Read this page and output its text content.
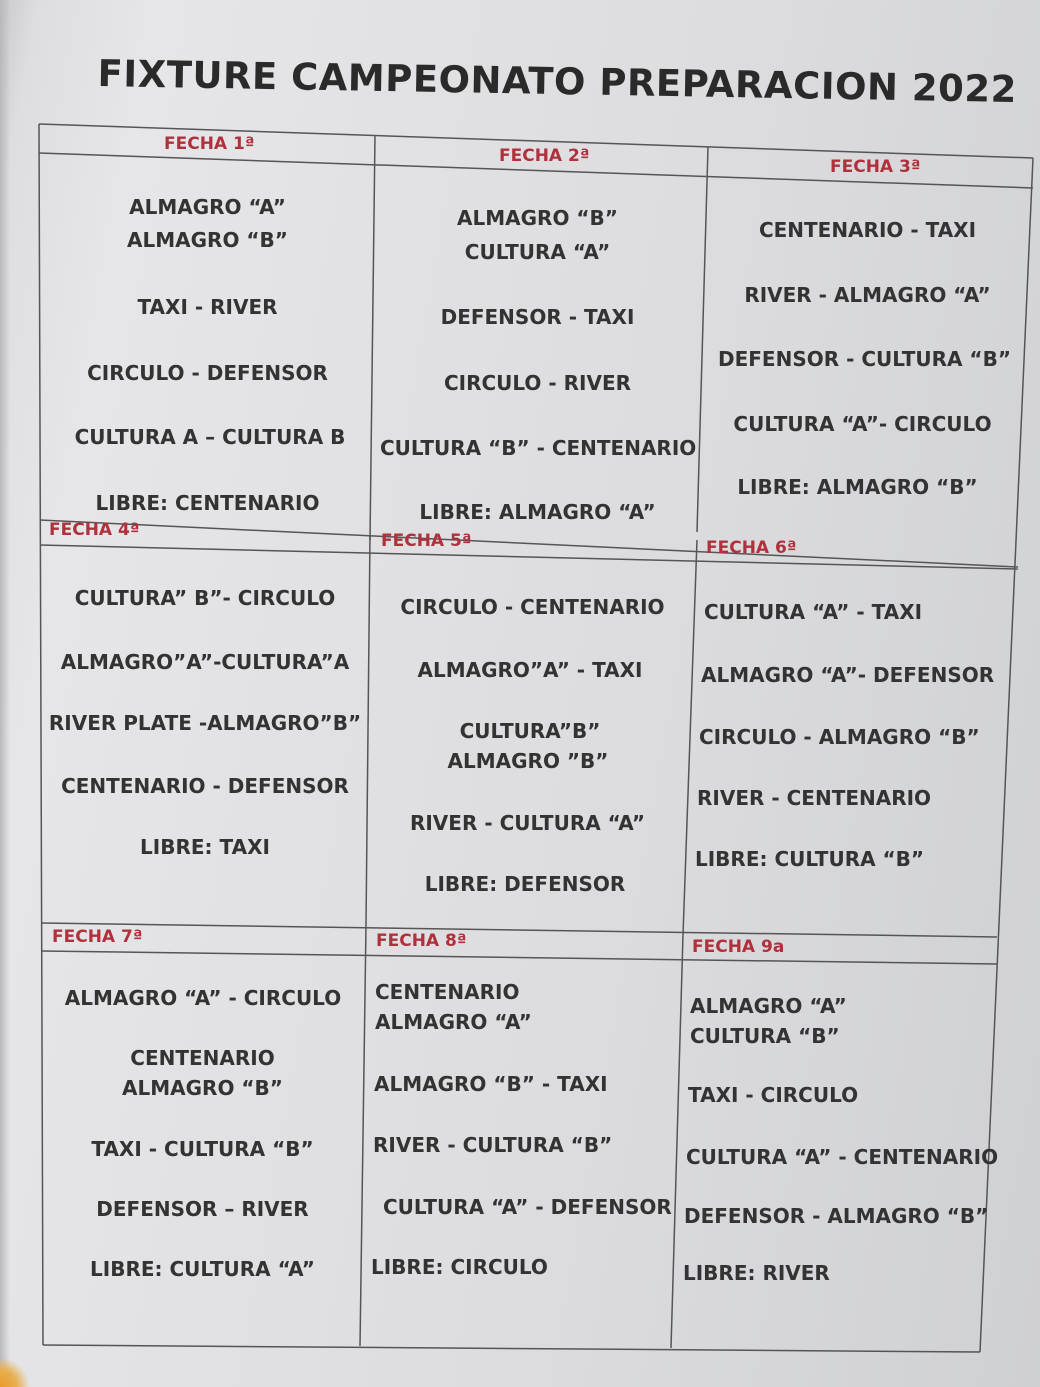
FIXTURE CAMPEONATO PREPARACION 2022
FECHA 1ª
ALMAGRO “A”
ALMAGRO “B”
TAXI - RIVER
CIRCULO - DEFENSOR
CULTURA A – CULTURA B
LIBRE: CENTENARIO
FECHA 2ª
ALMAGRO “B”
CULTURA “A”
DEFENSOR - TAXI
CIRCULO - RIVER
CULTURA “B” - CENTENARIO
LIBRE: ALMAGRO “A”
FECHA 3ª
CENTENARIO - TAXI
RIVER - ALMAGRO “A”
DEFENSOR - CULTURA “B”
CULTURA “A”- CIRCULO
LIBRE: ALMAGRO “B”
FECHA 4ª
CULTURA” B”- CIRCULO
ALMAGRO”A”-CULTURA”A
RIVER PLATE -ALMAGRO”B”
CENTENARIO - DEFENSOR
LIBRE: TAXI
FECHA 5ª
CIRCULO - CENTENARIO
ALMAGRO”A” - TAXI
CULTURA”B”
ALMAGRO ”B”
RIVER - CULTURA “A”
LIBRE: DEFENSOR
FECHA 6ª
CULTURA “A” - TAXI
ALMAGRO “A”- DEFENSOR
CIRCULO - ALMAGRO “B”
RIVER - CENTENARIO
LIBRE: CULTURA “B”
FECHA 7ª
ALMAGRO “A” - CIRCULO
CENTENARIO
ALMAGRO “B”
TAXI - CULTURA “B”
DEFENSOR – RIVER
LIBRE: CULTURA “A”
FECHA 8ª
CENTENARIO
ALMAGRO “A”
ALMAGRO “B” - TAXI
RIVER - CULTURA “B”
CULTURA “A” - DEFENSOR
LIBRE: CIRCULO
FECHA 9a
ALMAGRO “A”
CULTURA “B”
TAXI - CIRCULO
CULTURA “A” - CENTENARIO
DEFENSOR - ALMAGRO “B”
LIBRE: RIVER
